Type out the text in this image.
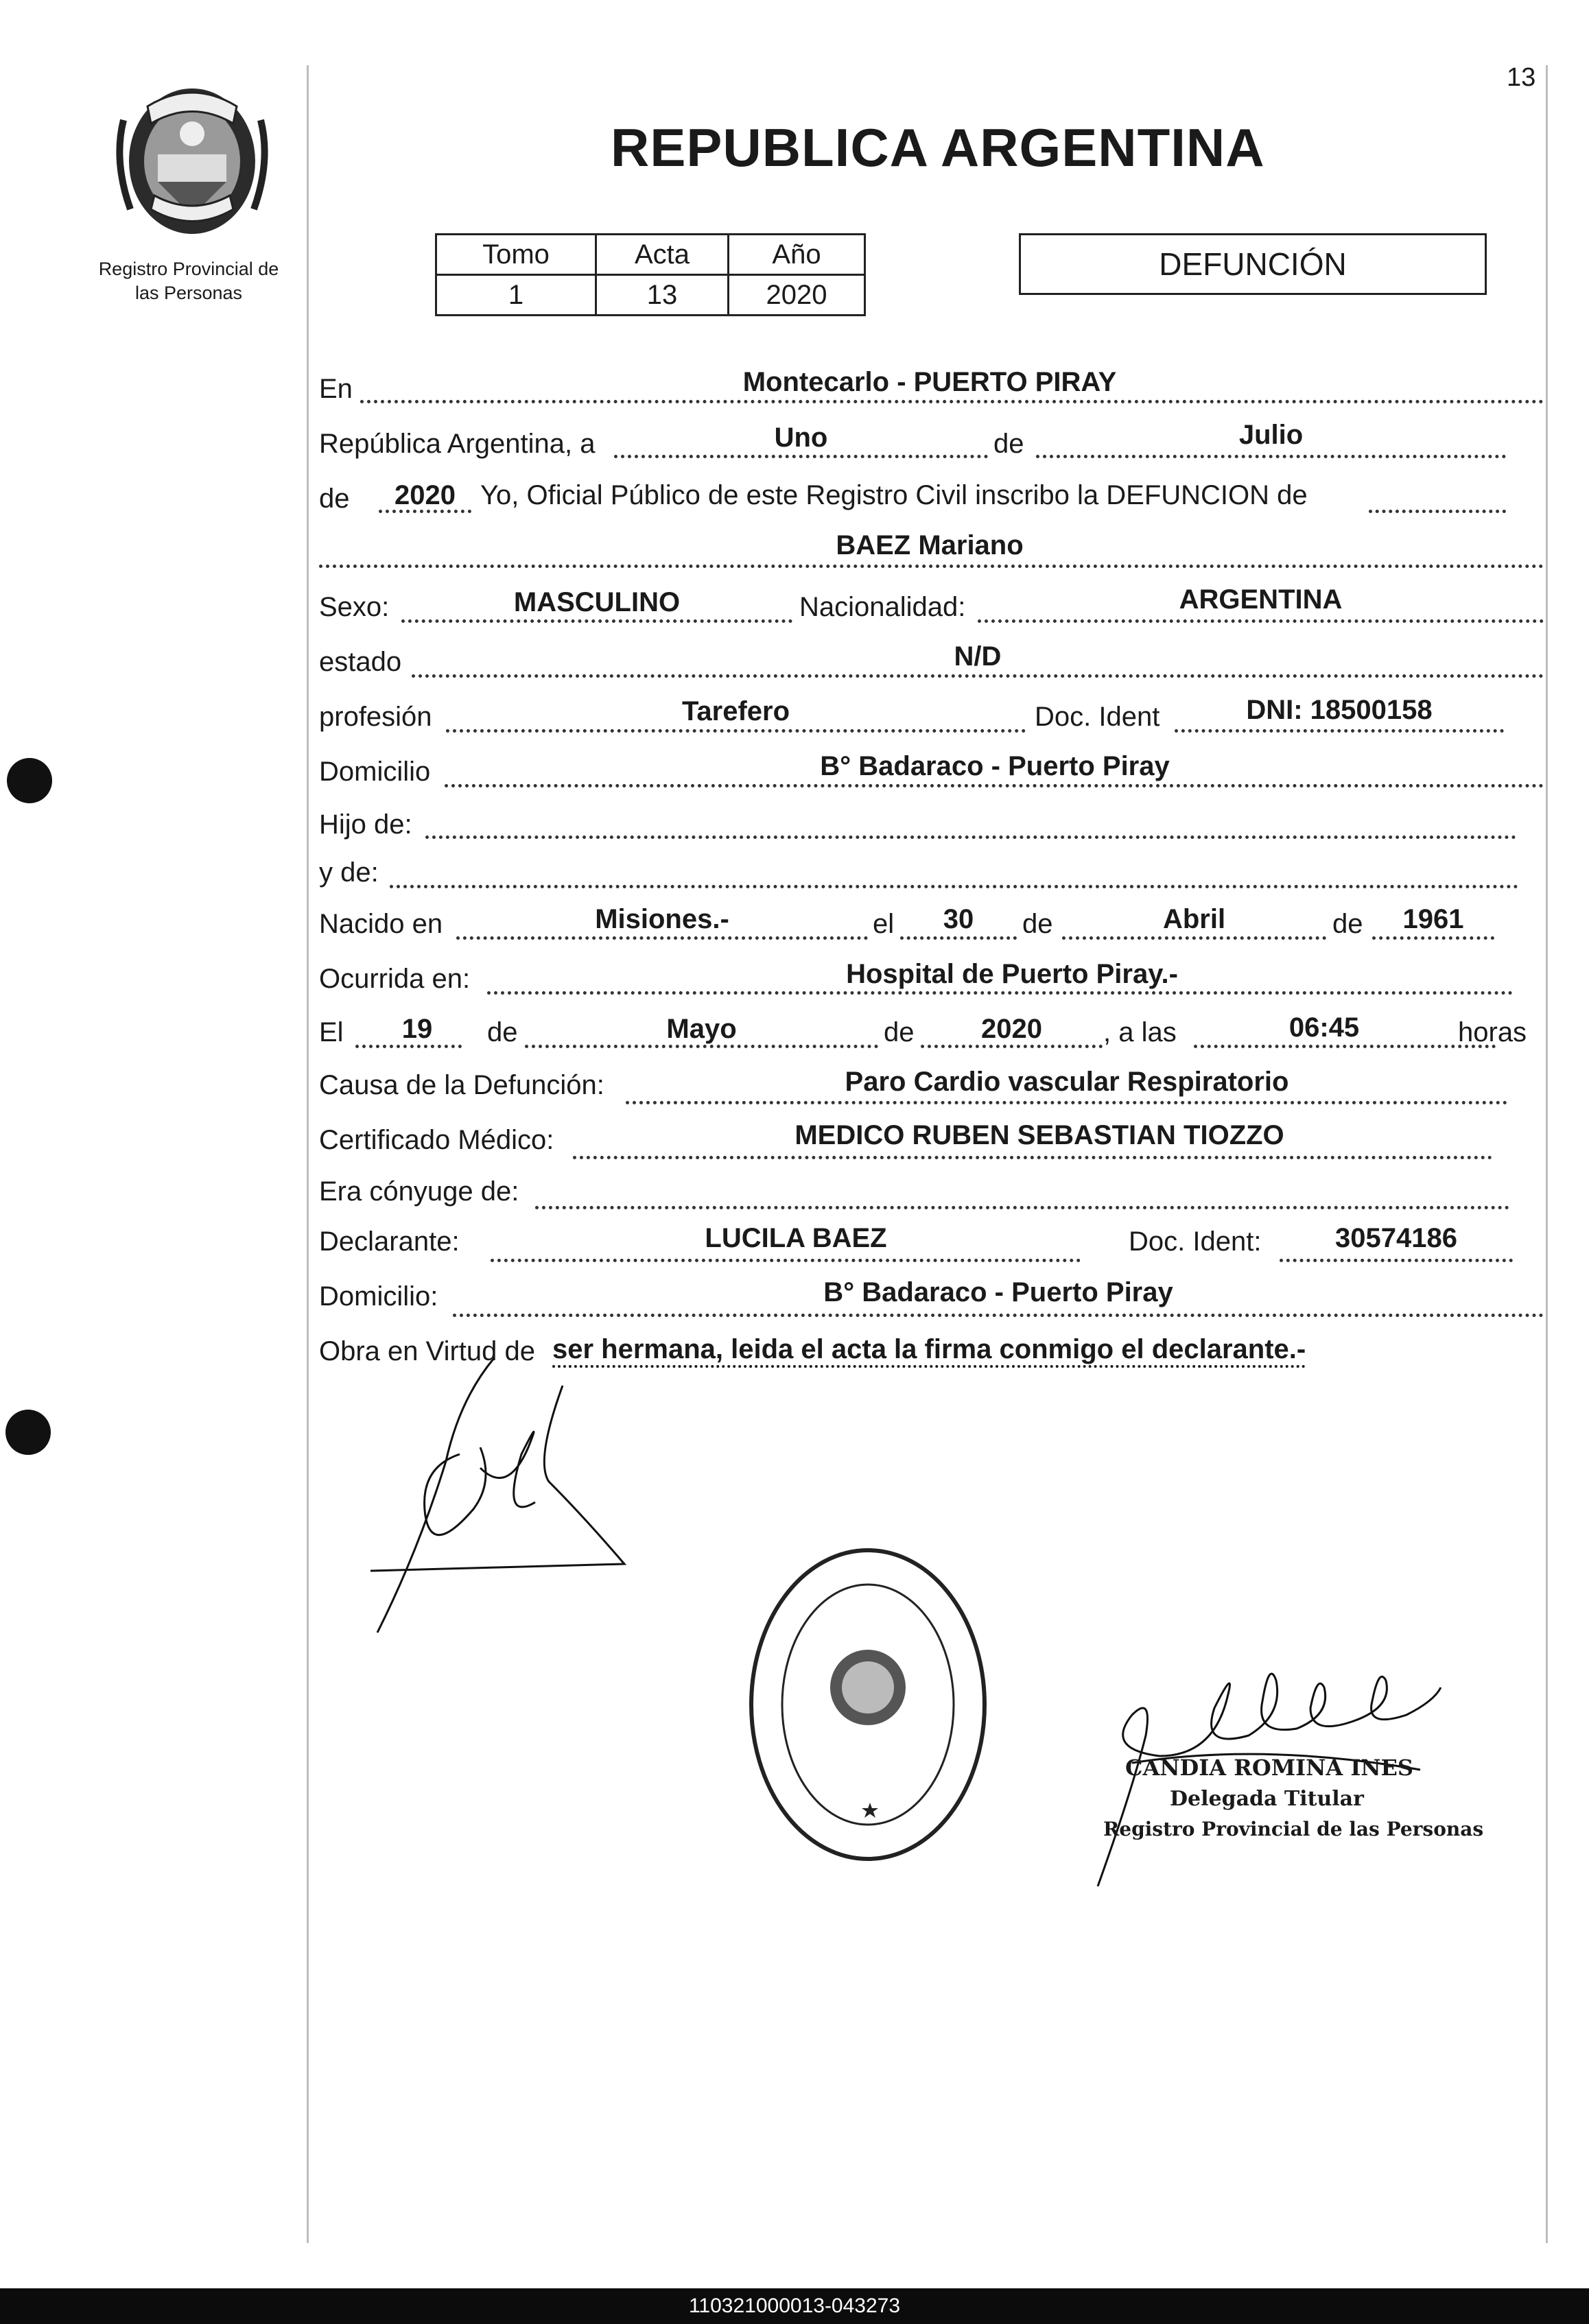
13
Registro Provincial de
las Personas
REPUBLICA ARGENTINA
Tomo	Acta	Año
1	13	2020
DEFUNCIÓN
En	Montecarlo - PUERTO PIRAY
República Argentina, a	Uno	de	Julio
de	2020 Yo, Oficial Público de este Registro Civil inscribo la DEFUNCION de
BAEZ Mariano
Sexo:	MASCULINO	Nacionalidad:	ARGENTINA
estado	N/D
profesión	Tarefero	Doc. Ident	DNI: 18500158
Domicilio	B° Badaraco - Puerto Piray
Hijo de:
y de:
Nacido en	Misiones.-	el	30	de	Abril	de	1961
Ocurrida en:	Hospital de Puerto Piray.-
El	19	de	Mayo	de	2020	, a las	06:45	horas
Causa de la Defunción:	Paro Cardio vascular Respiratorio
Certificado Médico:	MEDICO RUBEN SEBASTIAN TIOZZO
Era cónyuge de:
Declarante:	LUCILA BAEZ	Doc. Ident:	30574186
Domicilio:	B° Badaraco - Puerto Piray
Obra en Virtud de ser hermana, leida el acta la firma conmigo el declarante.-
CANDIA ROMINA INES
Delegada Titular
Registro Provincial de las Personas
110321000013-043273
